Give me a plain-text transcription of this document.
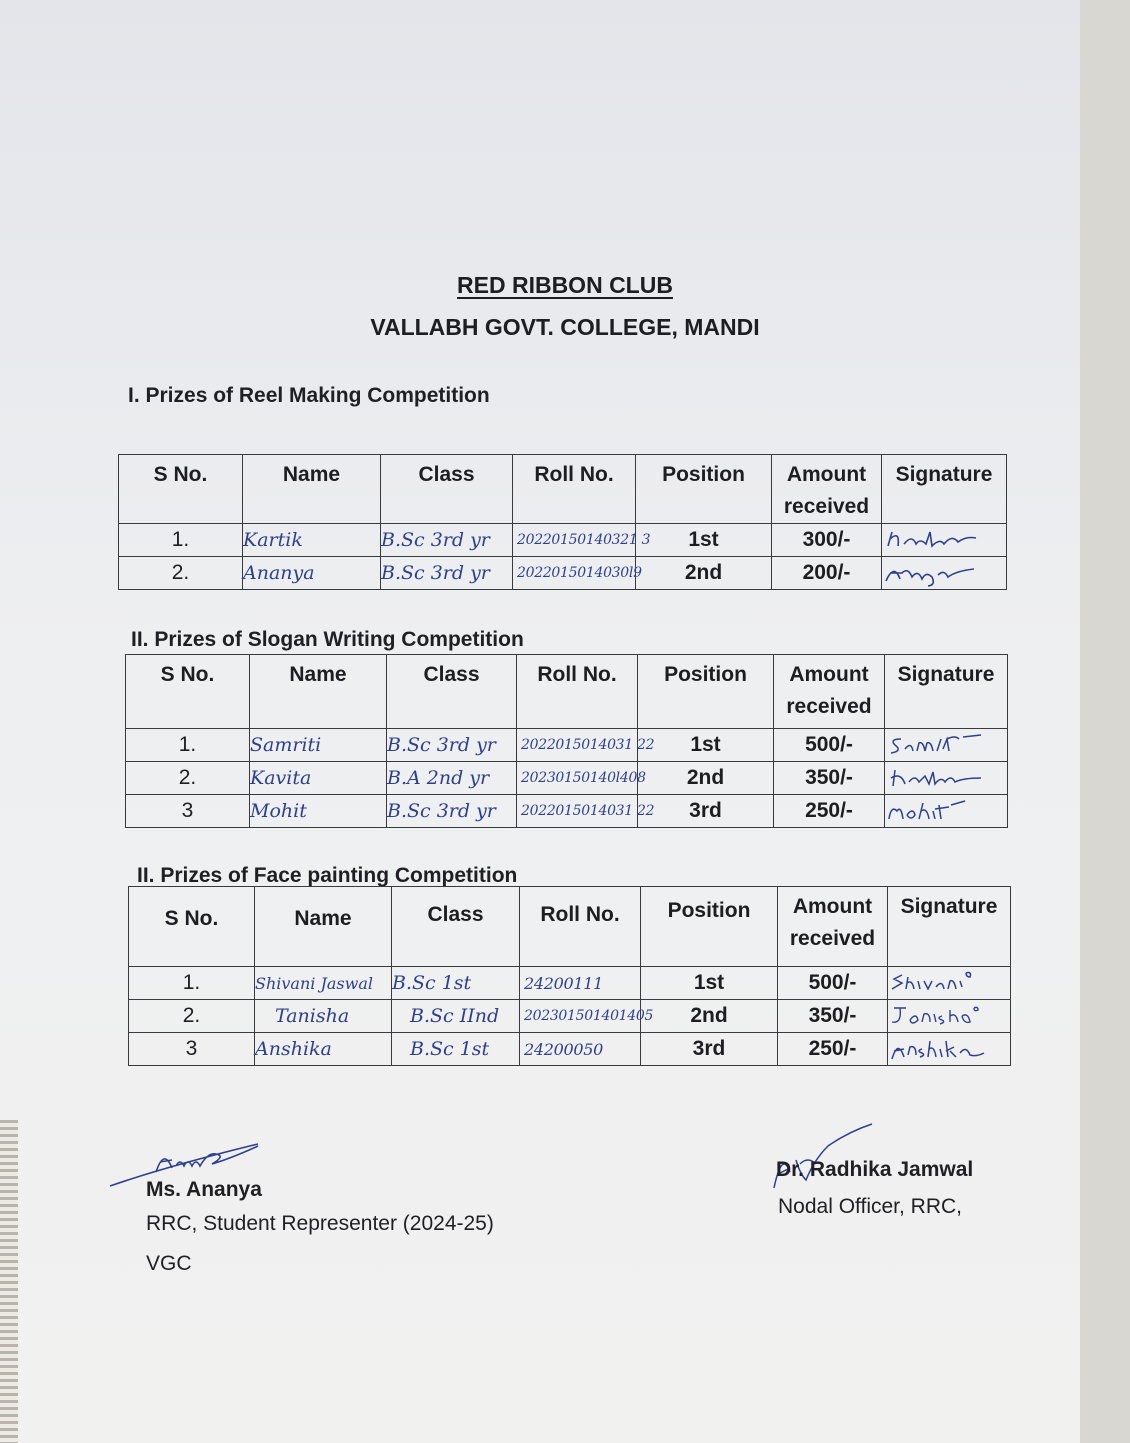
RED RIBBON CLUB
VALLABH GOVT. COLLEGE, MANDI

I. Prizes of Reel Making Competition

S No.	Name	Class	Roll No.	Position	Amount received	Signature
1.	Kartik	B.Sc 3rd yr	20220150140321 3	1st	300/-	

2.	Ananya	B.Sc 3rd yr	2022015014030l9	2nd	200/-	

II. Prizes of Slogan Writing Competition

S No.	Name	Class	Roll No.	Position	Amount received	Signature
1.	Samriti	B.Sc 3rd yr	2022015014031 22	1st	500/-	

2.	Kavita	B.A 2nd yr	20230150140l408	2nd	350/-	

3	Mohit	B.Sc 3rd yr	2022015014031 22	3rd	250/-	

II. Prizes of Face painting Competition

S No.	Name	Class	Roll No.	Position	Amount received	Signature
1.	Shivani Jaswal	B.Sc 1st	24200111	1st	500/-	

2.	Tanisha	B.Sc IInd	202301501401405	2nd	350/-	

3	Anshika	B.Sc 1st	24200050	3rd	250/-	

Ms. Ananya

RRC, Student Representer (2024-25)

VGC

Dr. Radhika Jamwal

Nodal Officer, RRC,
